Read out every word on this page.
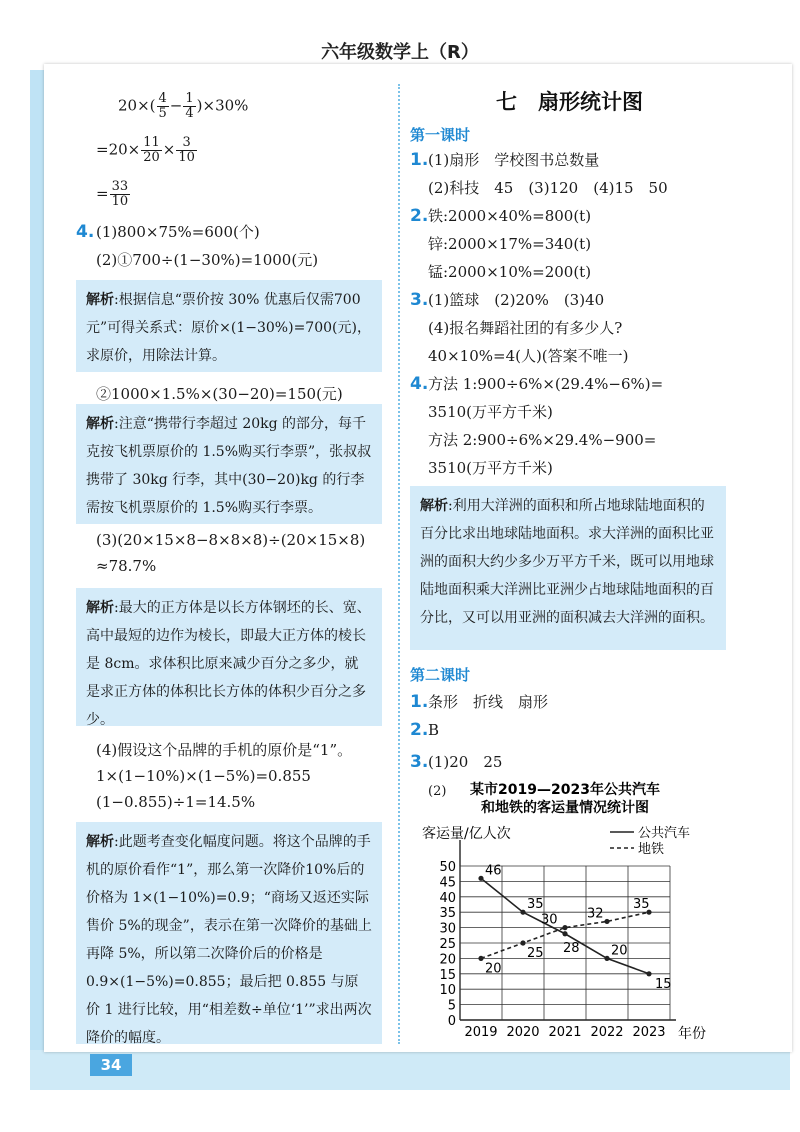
六年级数学上（R）
$20\times( \frac{4}{5} - \frac{1}{4} )\times 30\%$
$=20\times \frac{11}{20} \times \frac{3}{10}$
= $\frac{33}{10}$
4. (1)800×75%=600(个)
(2)①700÷(1−30%)=1000(元)
解析:根据信息“票价按 30% 优惠后仅需700 元”可得关系式：原价×(1−30%)=700(元)，求原价，用除法计算。
②1000×1.5%×(30−20)=150(元)
解析:注意“携带行李超过 20kg 的部分，每千克按飞机票原价的 1.5%购买行李票”，张叔叔携带了 30kg 行李，其中(30−20)kg 的行李需按飞机票原价的 1.5%购买行李票。
(3)(20×15×8−8×8×8)÷(20×15×8)
≈78.7%
解析:最大的正方体是以长方体钢坯的长、宽、高中最短的边作为棱长，即最大正方体的棱长是 8cm。求体积比原来减少百分之多少，就是求正方体的体积比长方体的体积少百分之多少。
(4)假设这个品牌的手机的原价是“1”。
1×(1−10%)×(1−5%)=0.855
(1−0.855)÷1=14.5%
解析:此题考查变化幅度问题。将这个品牌的手机的原价看作“1”，那么第一次降价10%后的价格为 1×(1−10%)=0.9；“商场又返还实际售价 5%的现金”，表示在第一次降价的基础上再降 5%，所以第二次降价后的价格是 0.9×(1−5%)=0.855；最后把 0.855 与原价 1 进行比较，用“相差数÷单位‘1’”求出两次降价的幅度。
七　扇形统计图
第一课时
1. (1)扇形　学校图书总数量
(2)科技　45　(3)120　(4)15　50
2. 铁:2000×40%=800(t)
锌:2000×17%=340(t)
锰:2000×10%=200(t)
3. (1)篮球　(2)20%　(3)40
(4)报名舞蹈社团的有多少人?
40×10%=4(人)(答案不唯一)
4. 方法 1:900÷6%×(29.4%−6%)=
3510(万平方千米)
方法 2:900÷6%×29.4%−900=
3510(万平方千米)
解析:利用大洋洲的面积和所占地球陆地面积的百分比求出地球陆地面积。求大洋洲的面积比亚洲的面积大约少多少万平方千米，既可以用地球陆地面积乘大洋洲比亚洲少占地球陆地面积的百分比，又可以用亚洲的面积减去大洋洲的面积。
第二课时
1. 条形　折线　扇形
2. B
3. (1)20　25
(2) 某市2019—2023年公共汽车
和地铁的客运量情况统计图
客运量/亿人次
年份
公共汽车
地铁
0
5
10
15
20
25
30
35
40
45
50
2019 2020 2021 2022 2023
46
35
28 20
15
20
25
30 32
35
34
